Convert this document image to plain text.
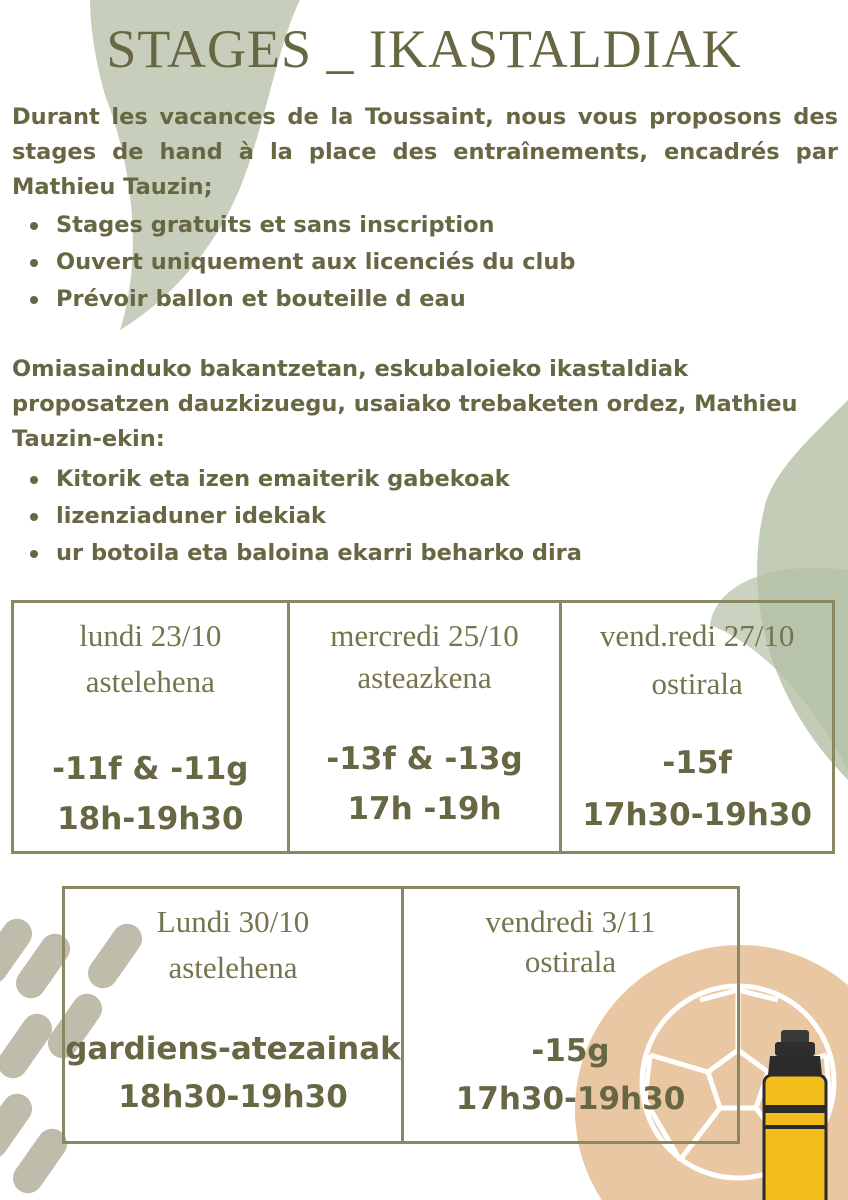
STAGES _ IKASTALDIAK
Durant les vacances de la Toussaint, nous vous proposons des stages de hand à la place des entraînements, encadrés par Mathieu Tauzin;
Stages gratuits et sans inscription
Ouvert uniquement aux licenciés du club
Prévoir ballon et bouteille d eau
Omiasainduko bakantzetan, eskubaloieko ikastaldiak proposatzen dauzkizuegu, usaiako trebaketen ordez, Mathieu Tauzin-ekin:
Kitorik eta izen emaiterik gabekoak
lizenziaduner idekiak
ur botoila eta baloina ekarri beharko dira
lundi 23/10
astelehena
-11f & -11g
18h-19h30
mercredi 25/10
asteazkena
-13f & -13g
17h -19h
vend.redi 27/10
ostirala
-15f
17h30-19h30
Lundi 30/10
astelehena
gardiens-atezainak
18h30-19h30
vendredi 3/11
ostirala
-15g
17h30-19h30
